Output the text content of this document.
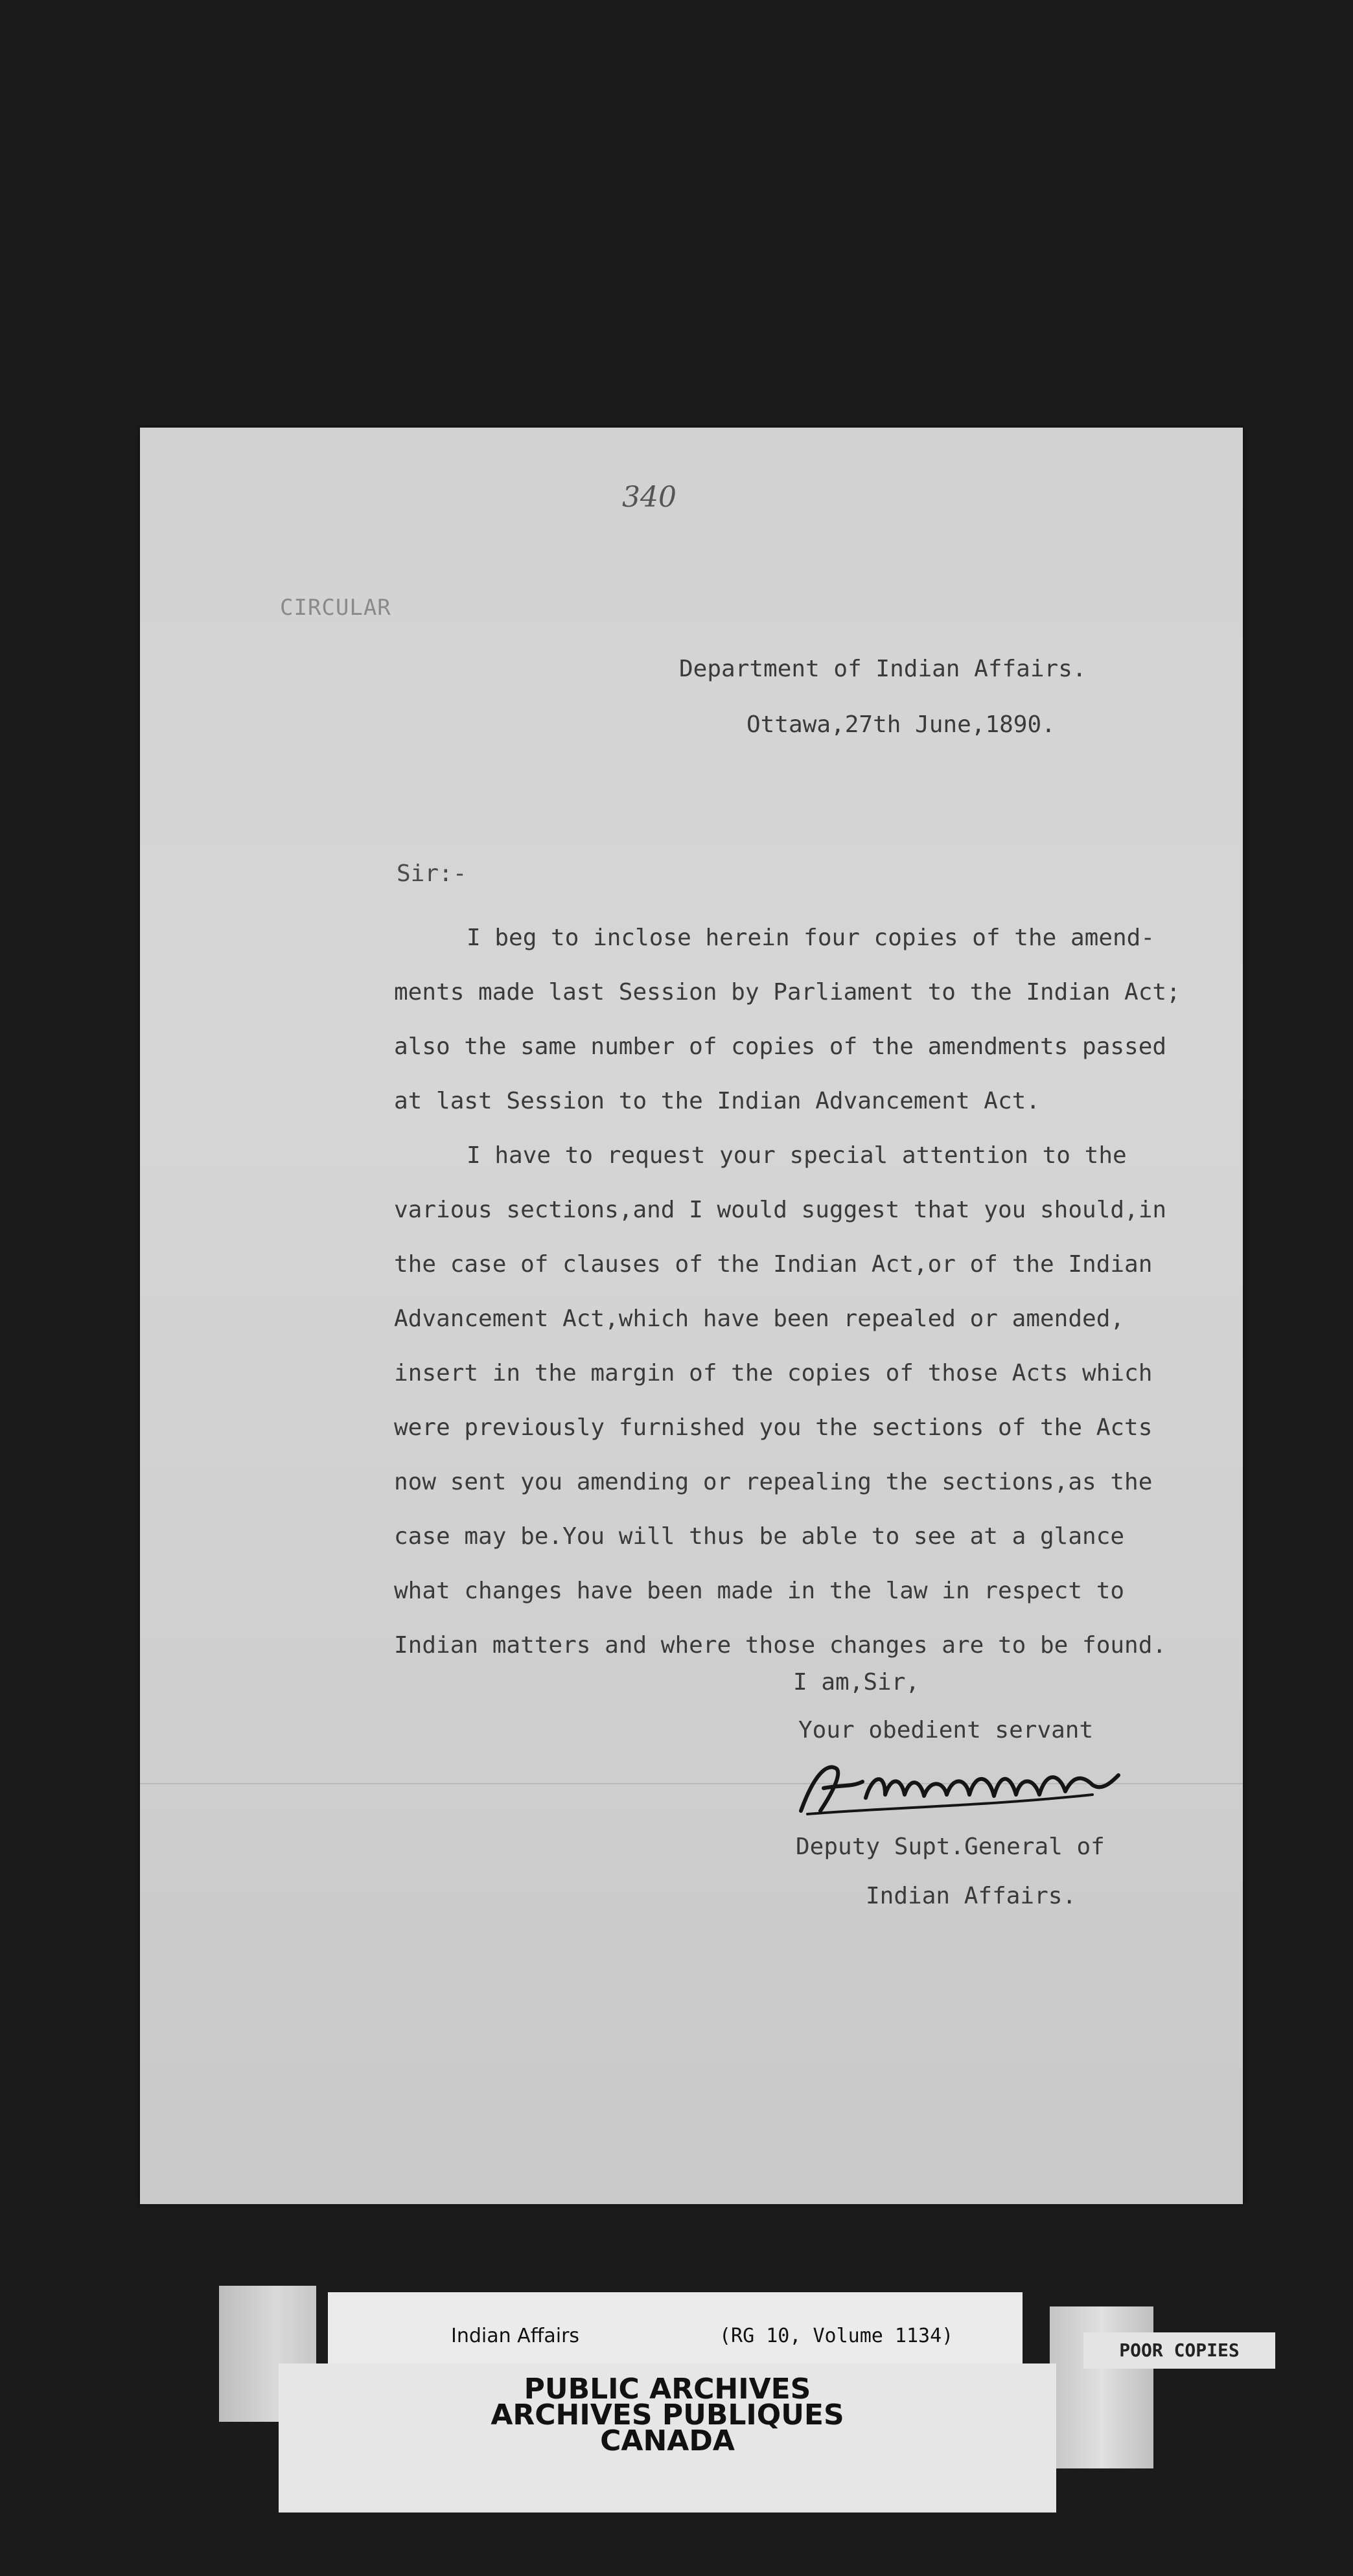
340
CIRCULAR
Department of Indian Affairs.
Ottawa,27th June,1890.
Sir:-

I beg to inclose herein four copies of the amend-
ments made last Session by Parliament to the Indian Act;
also the same number of copies of the amendments passed
at last Session to the Indian Advancement Act.

I have to request your special attention to the
various sections,and I would suggest that you should,in
the case of clauses of the Indian Act,or of the Indian
Advancement Act,which have been repealed or amended,
insert in the margin of the copies of those Acts which
were previously furnished you the sections of the Acts
now sent you amending or repealing the sections,as the
case may be.You will thus be able to see at a glance
what changes have been made in the law in respect to
Indian matters and where those changes are to be found.

I am,Sir,
Your obedient servant
Deputy Supt.General of
Indian Affairs.
Indian Affairs	(RG 10, Volume 1134)
PUBLIC ARCHIVES
ARCHIVES PUBLIQUES
CANADA
POOR COPIES
